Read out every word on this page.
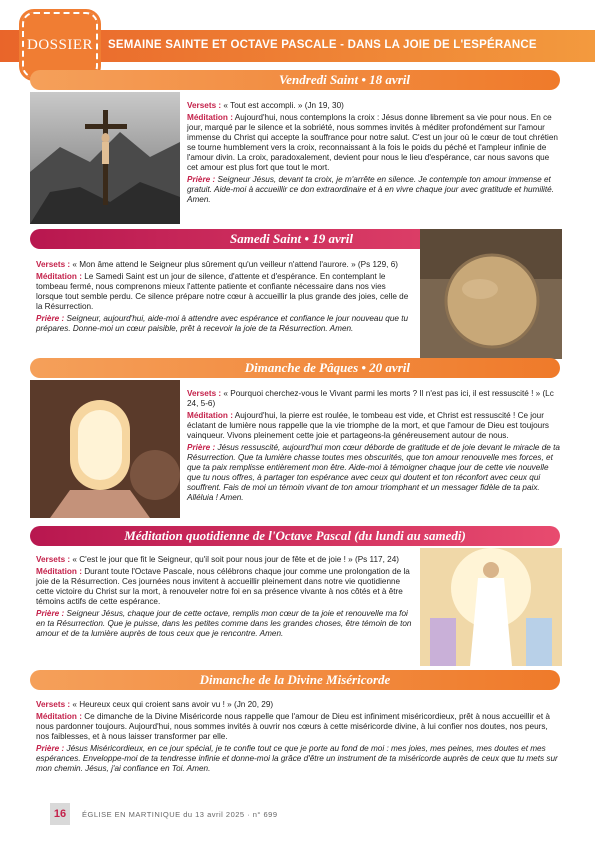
DOSSIER SEMAINE SAINTE ET OCTAVE PASCALE - DANS LA JOIE DE L'ESPÉRANCE
Vendredi Saint • 18 avril

Versets : « Tout est accompli. » (Jn 19, 30)

Méditation : Aujourd'hui, nous contemplons la croix : Jésus donne librement sa vie pour nous. En ce jour, marqué par le silence et la sobriété, nous sommes invités à méditer profondément sur l'amour immense du Christ qui accepte la souffrance pour notre salut. C'est un jour où le cœur de tout chrétien se tourne humblement vers la croix, reconnaissant à la fois le poids du péché et l'ampleur infinie de l'amour divin. La croix, paradoxalement, devient pour nous le lieu d'espérance, car nous savons que cet amour est plus fort que tout le mort.

Prière : Seigneur Jésus, devant ta croix, je m'arrête en silence. Je contemple ton amour immense et gratuit. Aide-moi à accueillir ce don extraordinaire et à en vivre chaque jour avec gratitude et humilité. Amen.

Samedi Saint • 19 avril

Versets : « Mon âme attend le Seigneur plus sûrement qu'un veilleur n'attend l'aurore. » (Ps 129, 6)

Méditation : Le Samedi Saint est un jour de silence, d'attente et d'espérance. En contemplant le tombeau fermé, nous comprenons mieux l'attente patiente et confiante nécessaire dans nos vies lorsque tout semble perdu. Ce silence prépare notre cœur à accueillir la plus grande des joies, celle de la Résurrection.

Prière : Seigneur, aujourd'hui, aide-moi à attendre avec espérance et confiance le jour nouveau que tu prépares. Donne-moi un cœur paisible, prêt à recevoir la joie de ta Résurrection. Amen.

Dimanche de Pâques • 20 avril

Versets : « Pourquoi cherchez-vous le Vivant parmi les morts ? Il n'est pas ici, il est ressuscité ! » (Lc 24, 5-6)

Méditation : Aujourd'hui, la pierre est roulée, le tombeau est vide, et Christ est ressuscité ! Ce jour éclatant de lumière nous rappelle que la vie triomphe de la mort, et que l'amour de Dieu est toujours vainqueur. Vivons pleinement cette joie et partageons-la généreusement autour de nous.

Prière : Jésus ressuscité, aujourd'hui mon cœur déborde de gratitude et de joie devant le miracle de ta Résurrection. Que ta lumière chasse toutes mes obscurités, que ton amour renouvelle mes forces, et que ta paix remplisse entièrement mon être. Aide-moi à témoigner chaque jour de cette vie nouvelle que tu nous offres, à partager ton espérance avec ceux qui doutent et ton réconfort avec ceux qui souffrent. Fais de moi un témoin vivant de ton amour triomphant et un messager fidèle de ta paix. Alléluia ! Amen.

Méditation quotidienne de l'Octave Pascal (du lundi au samedi)

Versets : « C'est le jour que fit le Seigneur, qu'il soit pour nous jour de fête et de joie ! » (Ps 117, 24)

Méditation : Durant toute l'Octave Pascale, nous célébrons chaque jour comme une prolongation de la joie de la Résurrection. Ces journées nous invitent à accueillir pleinement dans notre vie quotidienne cette victoire du Christ sur la mort, à renouveler notre foi en sa présence vivante à nos côtés et à être témoins actifs de cette espérance.

Prière : Seigneur Jésus, chaque jour de cette octave, remplis mon cœur de ta joie et renouvelle ma foi en ta Résurrection. Que je puisse, dans les petites comme dans les grandes choses, être témoin de ton amour et de ta lumière auprès de tous ceux que je rencontre. Amen.

Dimanche de la Divine Miséricorde

Versets : « Heureux ceux qui croient sans avoir vu ! » (Jn 20, 29)

Méditation : Ce dimanche de la Divine Miséricorde nous rappelle que l'amour de Dieu est infiniment miséricordieux, prêt à nous accueillir et à nous pardonner toujours. Aujourd'hui, nous sommes invités à ouvrir nos cœurs à cette miséricorde divine, à lui confier nos doutes, nos peurs, nos faiblesses, et à nous laisser transformer par elle.

Prière : Jésus Miséricordieux, en ce jour spécial, je te confie tout ce que je porte au fond de moi : mes joies, mes peines, mes doutes et mes espérances. Enveloppe-moi de ta tendresse infinie et donne-moi la grâce d'être un instrument de ta miséricorde auprès de ceux que tu mets sur mon chemin. Jésus, j'ai confiance en Toi. Amen.

16 ÉGLISE EN MARTINIQUE du 13 avril 2025 · n° 699
